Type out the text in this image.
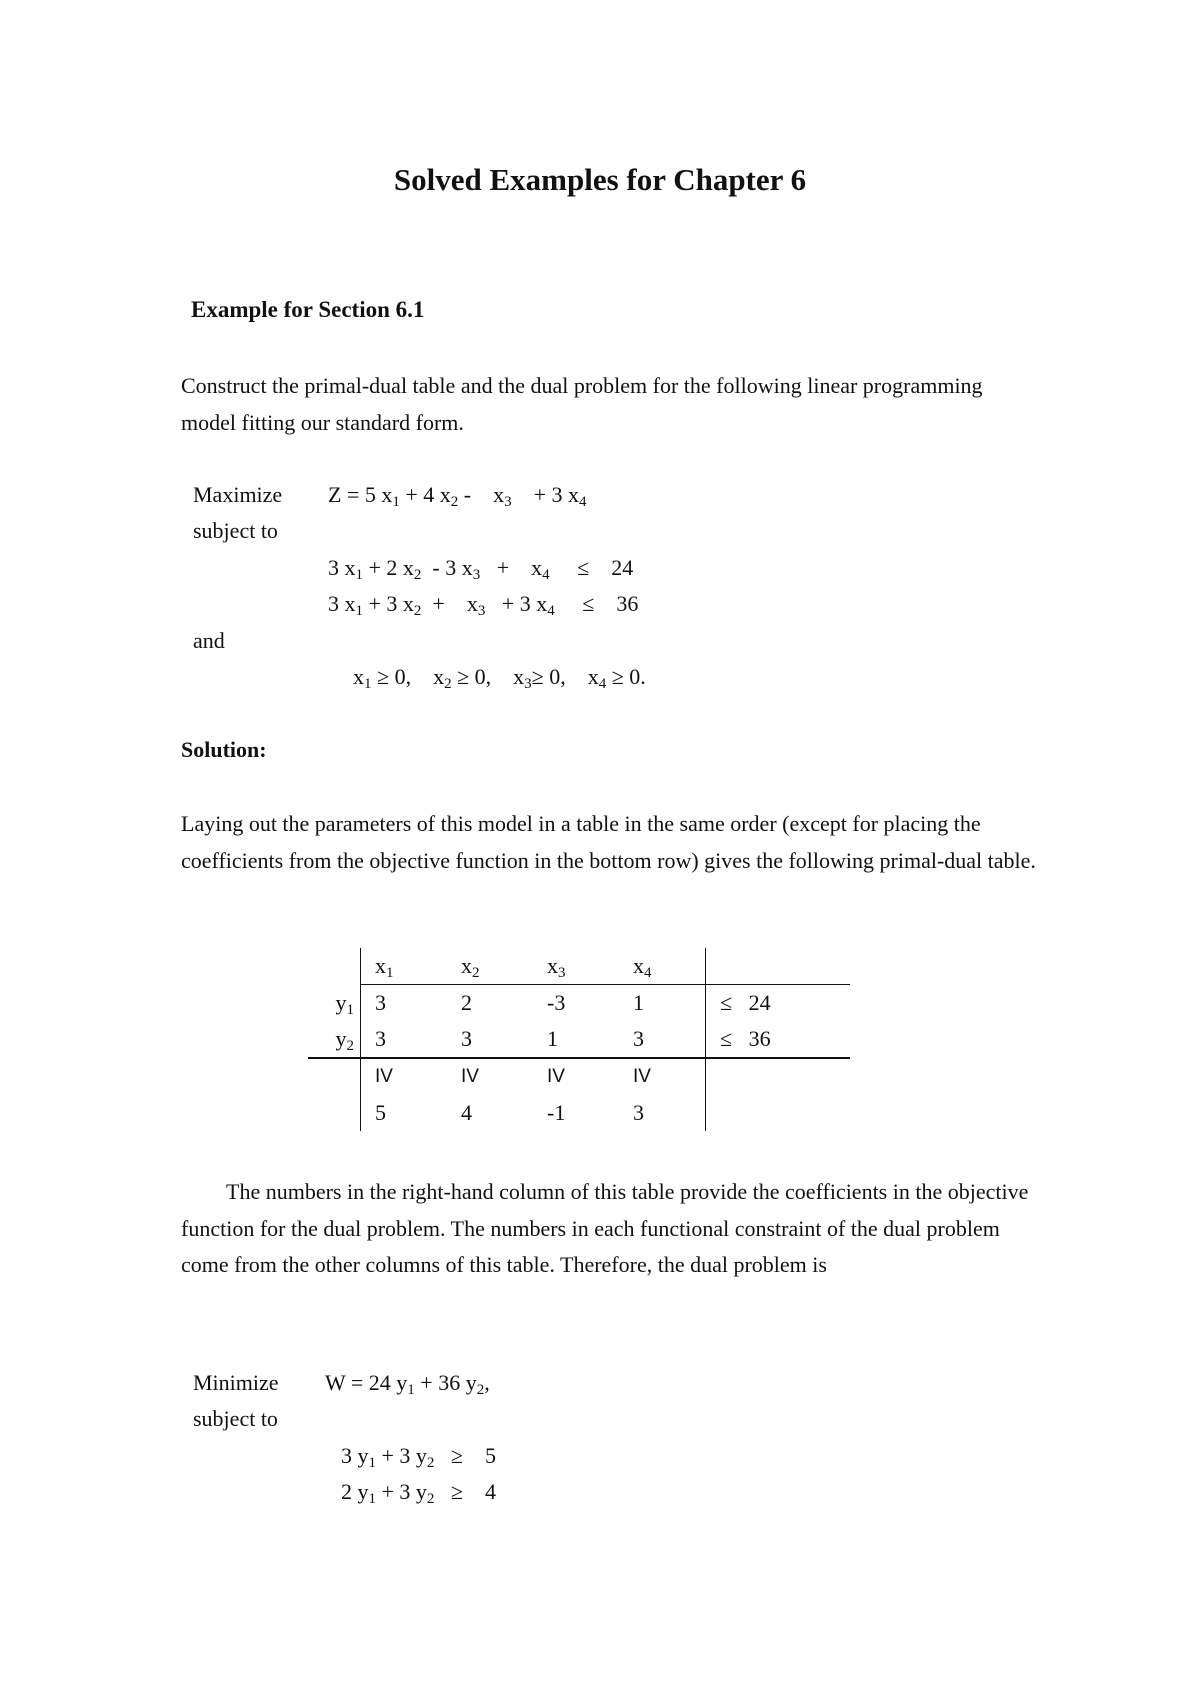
Solved Examples for Chapter 6
Example for Section 6.1
Construct the primal-dual table and the dual problem for the following linear programming model fitting our standard form.
Maximize Z = 5 $x_1 + 4$ $x_2$ -    $x_3$    + 3 $x_4$
subject to
3 $x_1 + 2$ $x_2 - 3$ $x_3$   +    $x_4$     ≤    24
3 $x_1 + 3$ $x_2$  +    $x_3 + 3$ $x_4$     ≤    36
and
$x_1 \ge 0$,    $x_2 \ge 0$,    $x_3\ge 0$,    $x_4 \ge 0$.
Solution:
Laying out the parameters of this model in a table in the same order (except for placing the coefficients from the objective function in the bottom row) gives the following primal-dual table.
	$x_1$	$x_2$	$x_3$	$x_4$	
$y_1$	3	2	-3	1	≤ 24
$y_2$	3	3	1	3	≤ 36
	IV	IV	IV	IV	
	5	4	-1	3	
The numbers in the right-hand column of this table provide the coefficients in the objective function for the dual problem. The numbers in each functional constraint of the dual problem come from the other columns of this table. Therefore, the dual problem is
Minimize W = 24 $y_1 + 36$ $y_2$,
subject to
3 $y_1 + 3$ $y_2$   ≥    5
2 $y_1 + 3$ $y_2$   ≥    4
